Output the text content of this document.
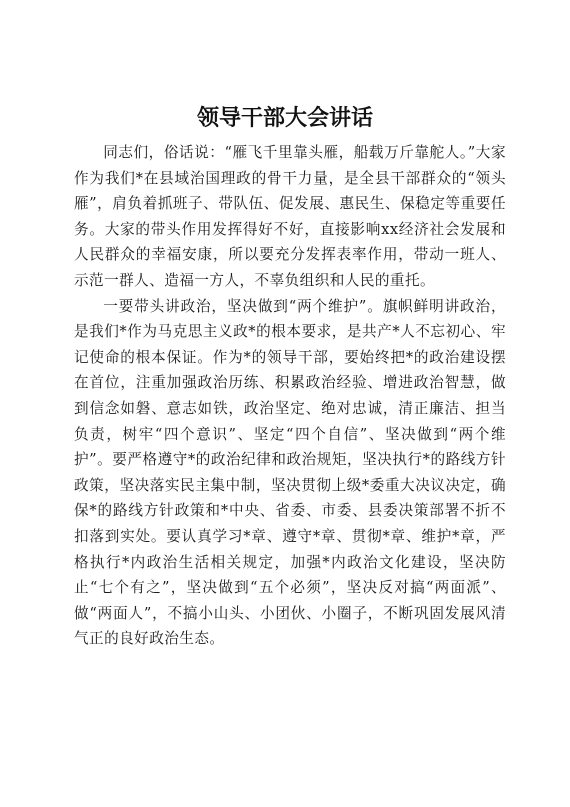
领导干部大会讲话

同志们，俗话说：“雁飞千里靠头雁，船载万斤靠舵人。”大家作为我们*在县域治国理政的骨干力量，是全县干部群众的“领头雁”，肩负着抓班子、带队伍、促发展、惠民生、保稳定等重要任务。大家的带头作用发挥得好不好，直接影响xx经济社会发展和人民群众的幸福安康，所以要充分发挥表率作用，带动一班人、示范一群人、造福一方人，不辜负组织和人民的重托。

一要带头讲政治，坚决做到“两个维护”。旗帜鲜明讲政治，是我们*作为马克思主义政*的根本要求，是共产*人不忘初心、牢记使命的根本保证。作为*的领导干部，要始终把*的政治建设摆在首位，注重加强政治历练、积累政治经验、增进政治智慧，做到信念如磐、意志如铁，政治坚定、绝对忠诚，清正廉洁、担当负责，树牢“四个意识”、坚定“四个自信”、坚决做到“两个维护”。要严格遵守*的政治纪律和政治规矩，坚决执行*的路线方针政策，坚决落实民主集中制，坚决贯彻上级*委重大决议决定，确保*的路线方针政策和*中央、省委、市委、县委决策部署不折不扣落到实处。要认真学习*章、遵守*章、贯彻*章、维护*章，严格执行*内政治生活相关规定，加强*内政治文化建设，坚决防止“七个有之”，坚决做到“五个必须”，坚决反对搞“两面派”、做“两面人”，不搞小山头、小团伙、小圈子，不断巩固发展风清气正的良好政治生态。
